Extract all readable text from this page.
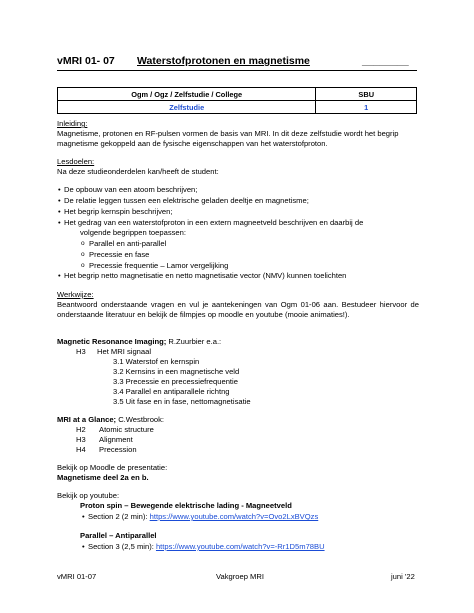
vMRI 01- 07 Waterstofprotonen en magnetisme	________
Ogm / Ogz / Zelfstudie / College	SBU
Zelfstudie	1
Inleiding:
Magnetisme, protonen en RF-pulsen vormen de basis van MRI. In dit deze zelfstudie wordt het begrip magnetisme gekoppeld aan de fysische eigenschappen van het waterstofproton.
Lesdoelen:
Na deze studieonderdelen kan/heeft de student:
• De opbouw van een atoom beschrijven;
• De relatie leggen tussen een elektrische geladen deeltje en magnetisme;
• Het begrip kernspin beschrijven;
• Het gedrag van een waterstofproton in een extern magneetveld beschrijven en daarbij de
volgende begrippen toepassen:
o Parallel en anti-parallel
o Precessie en fase
o Precessie frequentie – Lamor vergelijking
• Het begrip netto magnetisatie en netto magnetisatie vector (NMV) kunnen toelichten
Werkwijze:
Beantwoord onderstaande vragen en vul je aantekeningen van Ogm 01-06 aan. Bestudeer hiervoor de onderstaande literatuur en bekijk de filmpjes op moodle en youtube (mooie animaties!).
Magnetic Resonance Imaging; R.Zuurbier e.a.:
H3 Het MRI signaal
3.1 Waterstof en kernspin
3.2 Kernsins in een magnetische veld
3.3 Precessie en precessiefrequentie
3.4 Parallel en antiparallele richtng
3.5 Uit fase en in fase, nettomagnetisatie
MRI at a Glance; C.Westbrook:
H2 Atomic structure
H3 Alignment
H4 Precession
Bekijk op Moodle de presentatie:
Magnetisme deel 2a en b.
Bekijk op youtube:
Proton spin – Bewegende elektrische lading - Magneetveld
• Section 2 (2 min): https://www.youtube.com/watch?v=Ovo2LxBVQzs
Parallel – Antiparallel
• Section 3 (2,5 min): https://www.youtube.com/watch?v=-Rr1D5m78BU
vMRI 01-07	Vakgroep MRI	juni '22
